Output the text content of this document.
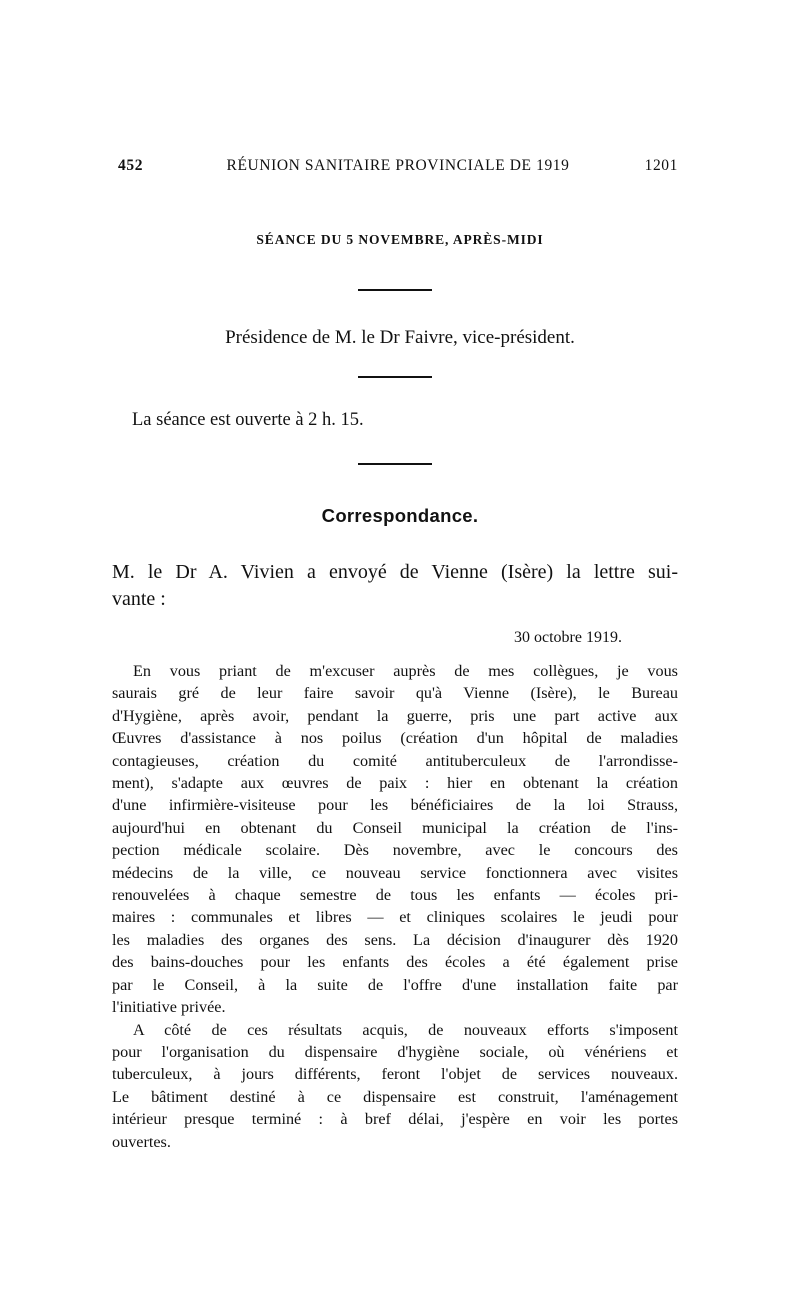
452	RÉUNION SANITAIRE PROVINCIALE DE 1919	1201
SÉANCE DU 5 NOVEMBRE, APRÈS-MIDI
Présidence de M. le Dr Faivre, vice-président.
La séance est ouverte à 2 h. 15.
Correspondance.
M. le Dr A. Vivien a envoyé de Vienne (Isère) la lettre sui-
vante :
30 octobre 1919.

En vous priant de m'excuser auprès de mes collègues, je vous
saurais gré de leur faire savoir qu'à Vienne (Isère), le Bureau
d'Hygiène, après avoir, pendant la guerre, pris une part active aux
Œuvres d'assistance à nos poilus (création d'un hôpital de maladies
contagieuses, création du comité antituberculeux de l'arrondisse-
ment), s'adapte aux œuvres de paix : hier en obtenant la création
d'une infirmière-visiteuse pour les bénéficiaires de la loi Strauss,
aujourd'hui en obtenant du Conseil municipal la création de l'ins-
pection médicale scolaire. Dès novembre, avec le concours des
médecins de la ville, ce nouveau service fonctionnera avec visites
renouvelées à chaque semestre de tous les enfants — écoles pri-
maires : communales et libres — et cliniques scolaires le jeudi pour
les maladies des organes des sens. La décision d'inaugurer dès 1920
des bains-douches pour les enfants des écoles a été également prise
par le Conseil, à la suite de l'offre d'une installation faite par
l'initiative privée.

A côté de ces résultats acquis, de nouveaux efforts s'imposent
pour l'organisation du dispensaire d'hygiène sociale, où vénériens et
tuberculeux, à jours différents, feront l'objet de services nouveaux.
Le bâtiment destiné à ce dispensaire est construit, l'aménagement
intérieur presque terminé : à bref délai, j'espère en voir les portes
ouvertes.
